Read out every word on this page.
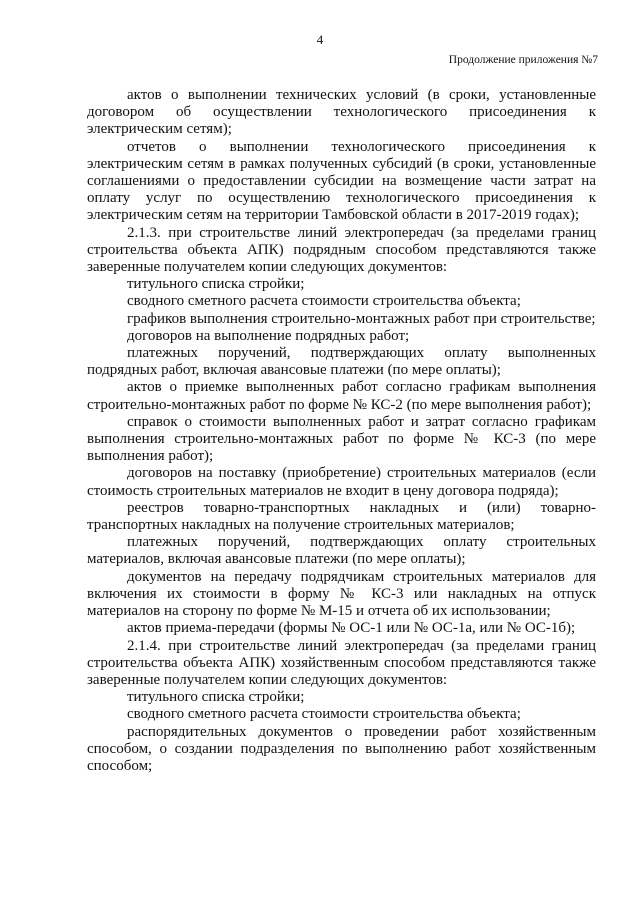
4
Продолжение приложения №7

актов о выполнении технических условий (в сроки, установленные договором об осуществлении технологического присоединения к электрическим сетям);

отчетов о выполнении технологического присоединения к электрическим сетям в рамках полученных субсидий (в сроки, установленные соглашениями о предоставлении субсидии на возмещение части затрат на оплату услуг по осуществлению технологического присоединения к электрическим сетям на территории Тамбовской области в 2017-2019 годах);

2.1.3. при строительстве линий электропередач (за пределами границ строительства объекта АПК) подрядным способом представляются также заверенные получателем копии следующих документов:

титульного списка стройки;

сводного сметного расчета стоимости строительства объекта;

графиков выполнения строительно-монтажных работ при строительстве;

договоров на выполнение подрядных работ;

платежных поручений, подтверждающих оплату выполненных подрядных работ, включая авансовые платежи (по мере оплаты);

актов о приемке выполненных работ согласно графикам выполнения строительно-монтажных работ по форме № КС-2 (по мере выполнения работ);

справок о стоимости выполненных работ и затрат согласно графикам выполнения строительно-монтажных работ по форме № КС-3 (по мере выполнения работ);

договоров на поставку (приобретение) строительных материалов (если стоимость строительных материалов не входит в цену договора подряда);

реестров товарно-транспортных накладных и (или) товарно-транспортных накладных на получение строительных материалов;

платежных поручений, подтверждающих оплату строительных материалов, включая авансовые платежи (по мере оплаты);

документов на передачу подрядчикам строительных материалов для включения их стоимости в форму № КС-3 или накладных на отпуск материалов на сторону по форме № М-15 и отчета об их использовании;

актов приема-передачи (формы № ОС-1 или № ОС-1а, или № ОС-1б);

2.1.4. при строительстве линий электропередач (за пределами границ строительства объекта АПК) хозяйственным способом представляются также заверенные получателем копии следующих документов:

титульного списка стройки;

сводного сметного расчета стоимости строительства объекта;

распорядительных документов о проведении работ хозяйственным способом, о создании подразделения по выполнению работ хозяйственным способом;
